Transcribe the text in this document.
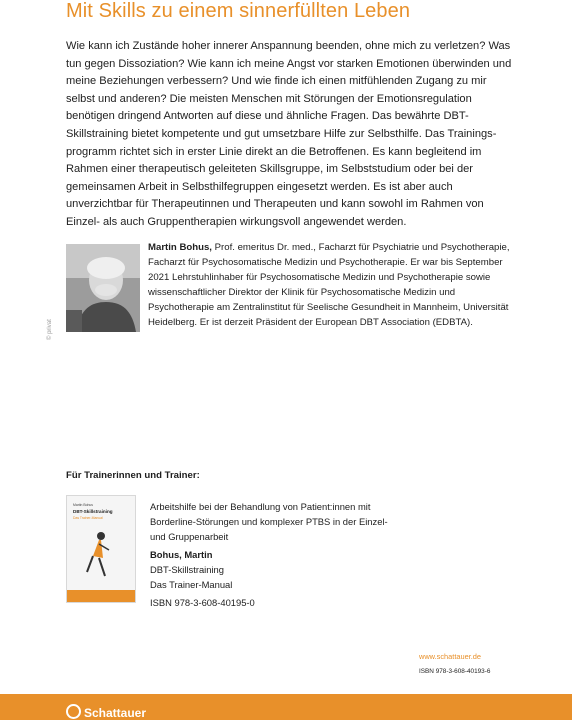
Mit Skills zu einem sinnerfüllten Leben

Wie kann ich Zustände hoher innerer Anspannung beenden, ohne mich zu verletzen? Was tun gegen Dissoziation? Wie kann ich meine Angst vor starken Emotionen überwinden und meine Beziehungen verbessern? Und wie finde ich einen mitfühlenden Zugang zu mir selbst und anderen? Die meisten Menschen mit Störungen der Emotionsregulation benötigen dringend Antworten auf diese und ähnliche Fragen. Das bewährte DBT-Skillstraining bietet kompetente und gut umsetzbare Hilfe zur Selbsthilfe. Das Trainings-programm richtet sich in erster Linie direkt an die Betroffenen. Es kann begleitend im Rahmen einer therapeutisch geleiteten Skillsgruppe, im Selbststudium oder bei der gemeinsamen Arbeit in Selbsthilfegruppen eingesetzt werden. Es ist aber auch unverzichtbar für Therapeutinnen und Therapeuten und kann sowohl im Rahmen von Einzel- als auch Gruppentherapien wirkungsvoll angewendet werden.

© privat
Martin Bohus, Prof. emeritus Dr. med., Facharzt für Psychiatrie und Psychotherapie, Facharzt für Psychosomatische Medizin und Psychotherapie. Er war bis September 2021 Lehrstuhlinhaber für Psychosomatische Medizin und Psychotherapie sowie wissenschaftlicher Direktor der Klinik für Psychosomatische Medizin und Psychotherapie am Zentralinstitut für Seelische Gesundheit in Mannheim, Universität Heidelberg. Er ist derzeit Präsident der European DBT Association (EDBTA).
Für Trainerinnen und Trainer:
Martin Bohus
DBT-Skillstraining
Das Trainer-Manual
Arbeitshilfe bei der Behandlung von Patient:innen mit Borderline-Störungen und komplexer PTBS in der Einzel- und Gruppenarbeit
Bohus, Martin
DBT-Skillstraining
Das Trainer-Manual
ISBN 978-3-608-40195-0
www.schattauer.de
ISBN 978-3-608-40193-6
Schattauer
